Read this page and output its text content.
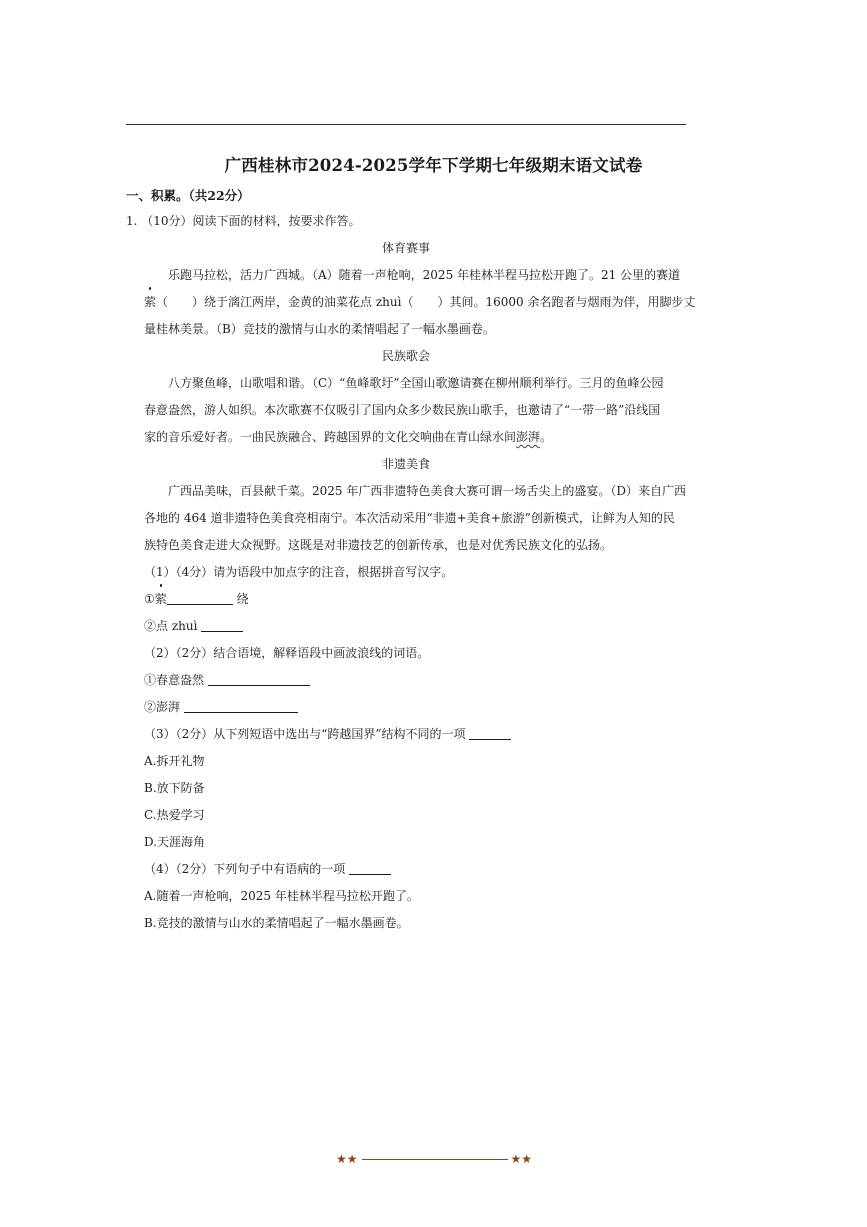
广西桂林市2024-2025学年下学期七年级期末语文试卷
一、积累。（共22分）
1. （10分）阅读下面的材料，按要求作答。
体育赛事
乐跑马拉松，活力广西城。（A）随着一声枪响，2025 年桂林半程马拉松开跑了。21 公里的赛道
萦（　　）绕于漓江两岸，金黄的油菜花点 zhuì（　　）其间。16000 余名跑者与烟雨为伴，用脚步丈
量桂林美景。（B）竞技的激情与山水的柔情唱起了一幅水墨画卷。
民族歌会
八方聚鱼峰，山歌唱和谐。（C）“鱼峰歌圩”全国山歌邀请赛在柳州顺利举行。三月的鱼峰公园
春意盎然，游人如织。本次歌赛不仅吸引了国内众多少数民族山歌手，也邀请了“一带一路”沿线国
家的音乐爱好者。一曲民族融合、跨越国界的文化交响曲在青山绿水间澎湃。
非遗美食
广西品美味，百县献千菜。2025 年广西非遗特色美食大赛可谓一场舌尖上的盛宴。（D）来自广西
各地的 464 道非遗特色美食亮相南宁。本次活动采用“非遗+美食+旅游”创新模式，让鲜为人知的民
族特色美食走进大众视野。这既是对非遗技艺的创新传承，也是对优秀民族文化的弘扬。
（1）（4分）请为语段中加点字的注音，根据拼音写汉字。
①萦	绕
②点 zhuì
（2）（2分）结合语境，解释语段中画波浪线的词语。
①春意盎然
②澎湃
（3）（2分）从下列短语中选出与“跨越国界”结构不同的一项
A.拆开礼物
B.放下防备
C.热爱学习
D.天涯海角
（4）（2分）下列句子中有语病的一项
A.随着一声枪响，2025 年桂林半程马拉松开跑了。
B.竞技的激情与山水的柔情唱起了一幅水墨画卷。
★★	★★
